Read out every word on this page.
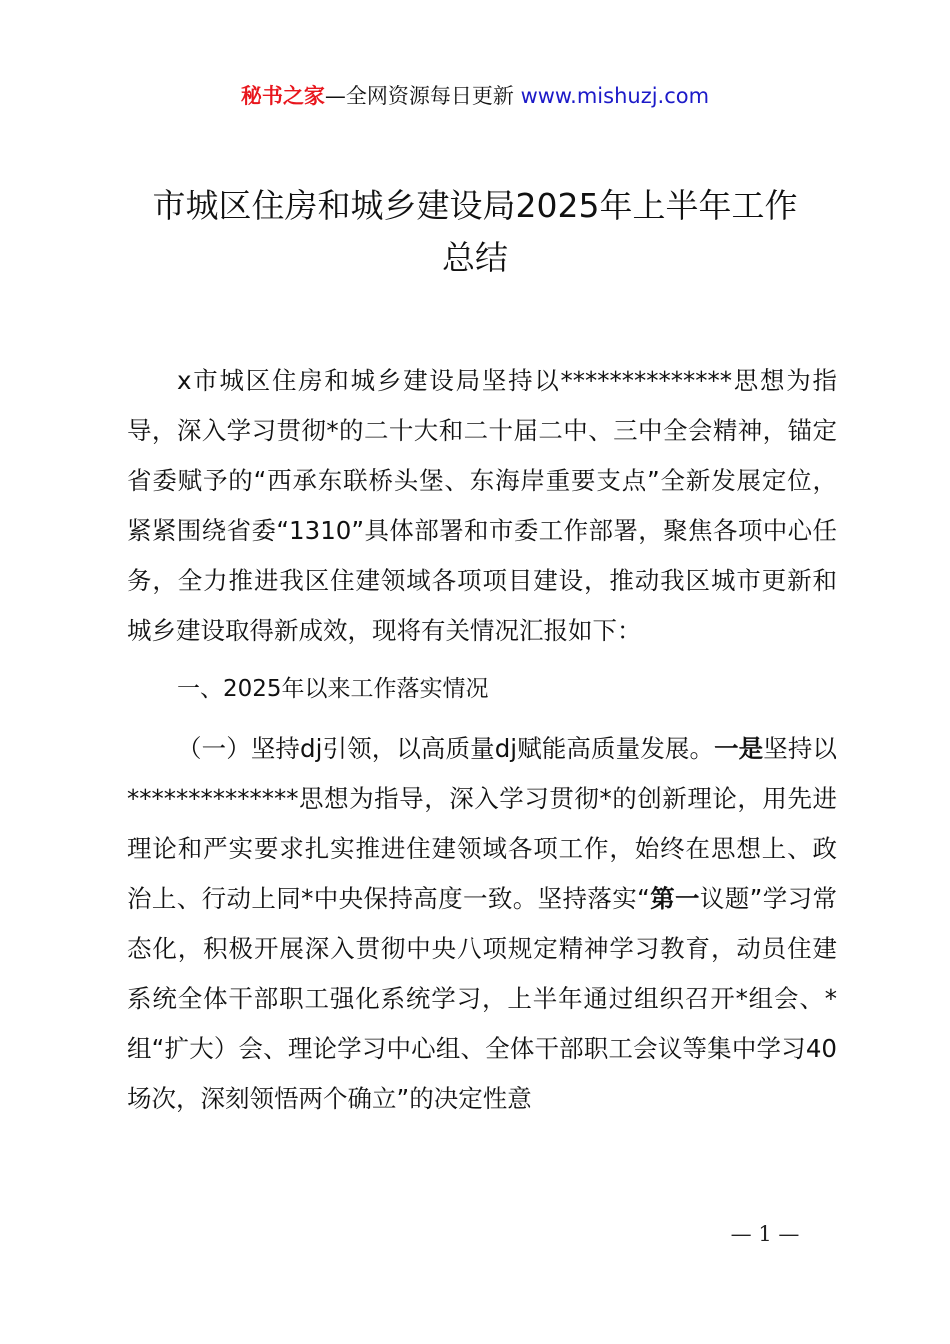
秘书之家—全网资源每日更新 www.mishuzj.com
市城区住房和城乡建设局2025年上半年工作
总结

x市城区住房和城乡建设局坚持以**************思想为指导，深入学习贯彻*的二十大和二十届二中、三中全会精神，锚定省委赋予的“西承东联桥头堡、东海岸重要支点”全新发展定位，紧紧围绕省委“1310”具体部署和市委工作部署，聚焦各项中心任务，全力推进我区住建领域各项项目建设，推动我区城市更新和城乡建设取得新成效，现将有关情况汇报如下：

一、2025年以来工作落实情况

（一）坚持dj引领，以高质量dj赋能高质量发展。一是坚持以**************思想为指导，深入学习贯彻*的创新理论，用先进理论和严实要求扎实推进住建领域各项工作，始终在思想上、政治上、行动上同*中央保持高度一致。坚持落实“第一议题”学习常态化，积极开展深入贯彻中央八项规定精神学习教育，动员住建系统全体干部职工强化系统学习，上半年通过组织召开*组会、*组“扩大）会、理论学习中心组、全体干部职工会议等集中学习40场次，深刻领悟两个确立”的决定性意

— 1 —
